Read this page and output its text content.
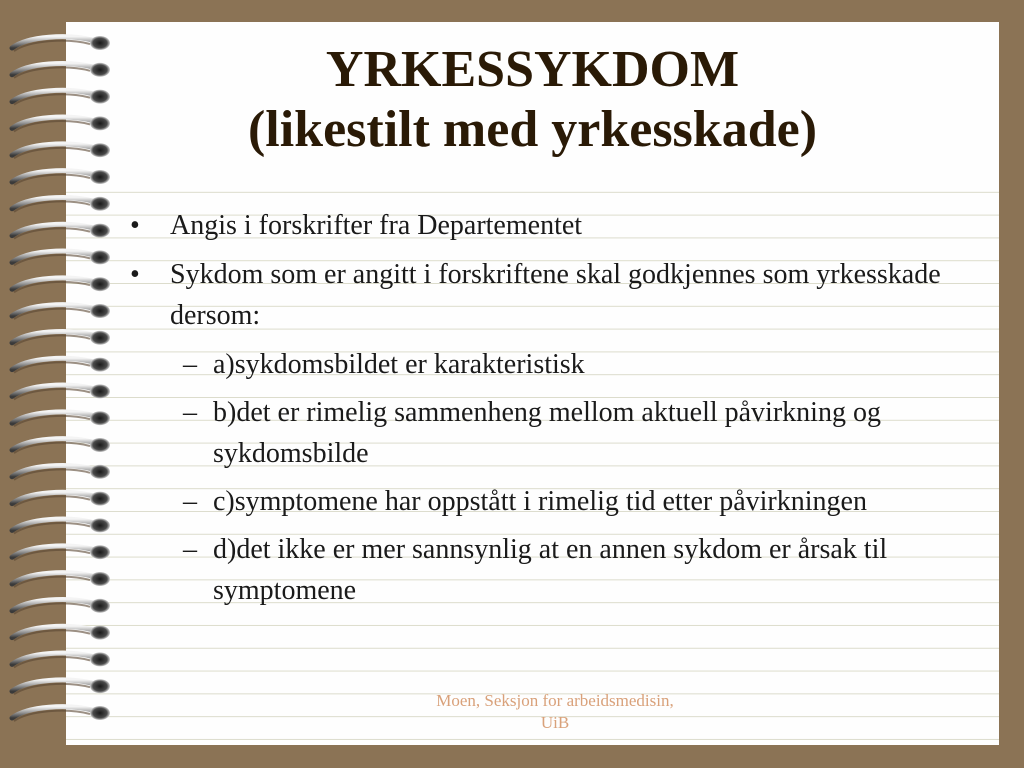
YRKESSYKDOM
(likestilt med yrkesskade)
• Angis i forskrifter fra Departementet
• Sykdom som er angitt i forskriftene skal godkjennes som yrkesskade dersom:
– a)sykdomsbildet er karakteristisk
– b)det er rimelig sammenheng mellom aktuell påvirkning og sykdomsbilde
– c)symptomene har oppstått i rimelig tid etter påvirkningen
– d)det ikke er mer sannsynlig at en annen sykdom er årsak til symptomene
Moen, Seksjon for arbeidsmedisin,
UiB
